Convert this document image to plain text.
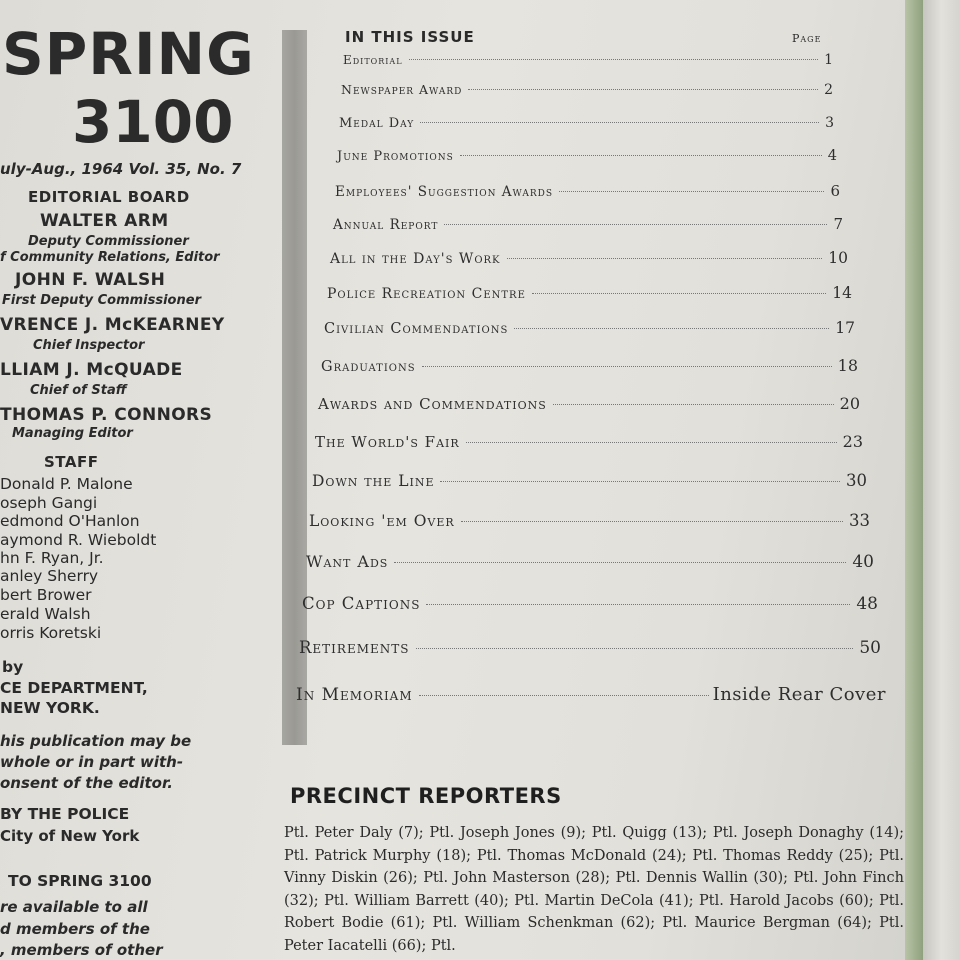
SPRING
3100
uly-Aug., 1964 Vol. 35, No. 7
EDITORIAL BOARD
WALTER ARM
Deputy Commissioner
f Community Relations, Editor
JOHN F. WALSH
First Deputy Commissioner
VRENCE J. McKEARNEY
Chief Inspector
LLIAM J. McQUADE
Chief of Staff
THOMAS P. CONNORS
Managing Editor
STAFF
Donald P. Malone
oseph Gangi
edmond O'Hanlon
aymond R. Wieboldt
hn F. Ryan, Jr.
anley Sherry
bert Brower
erald Walsh
orris Koretski
by
CE DEPARTMENT,
NEW YORK.
his publication may be
whole or in part with-
onsent of the editor.
BY THE POLICE
City of New York
TO SPRING 3100
re available to all
d members of the
, members of other
IN THIS ISSUE	Page
Editorial	1
Newspaper Award	2
Medal Day	3
June Promotions	4
Employees' Suggestion Awards	6
Annual Report	7
All in the Day's Work	10
Police Recreation Centre	14
Civilian Commendations	17
Graduations	18
Awards and Commendations	20
The World's Fair	23
Down the Line	30
Looking 'em Over	33
Want Ads	40
Cop Captions	48
Retirements	50
In Memoriam	Inside Rear Cover
PRECINCT REPORTERS
Ptl. Peter Daly (7); Ptl. Joseph Jones (9); Ptl. Quigg (13); Ptl. Joseph Donaghy (14); Ptl. Patrick Murphy (18); Ptl. Thomas McDonald (24); Ptl. Thomas Reddy (25); Ptl. Vinny Diskin (26); Ptl. John Masterson (28); Ptl. Dennis Wallin (30); Ptl. John Finch (32); Ptl. William Barrett (40); Ptl. Martin DeCola (41); Ptl. Harold Jacobs (60); Ptl. Robert Bodie (61); Ptl. William Schenkman (62); Ptl. Maurice Bergman (64); Ptl. Peter Iacatelli (66); Ptl.
